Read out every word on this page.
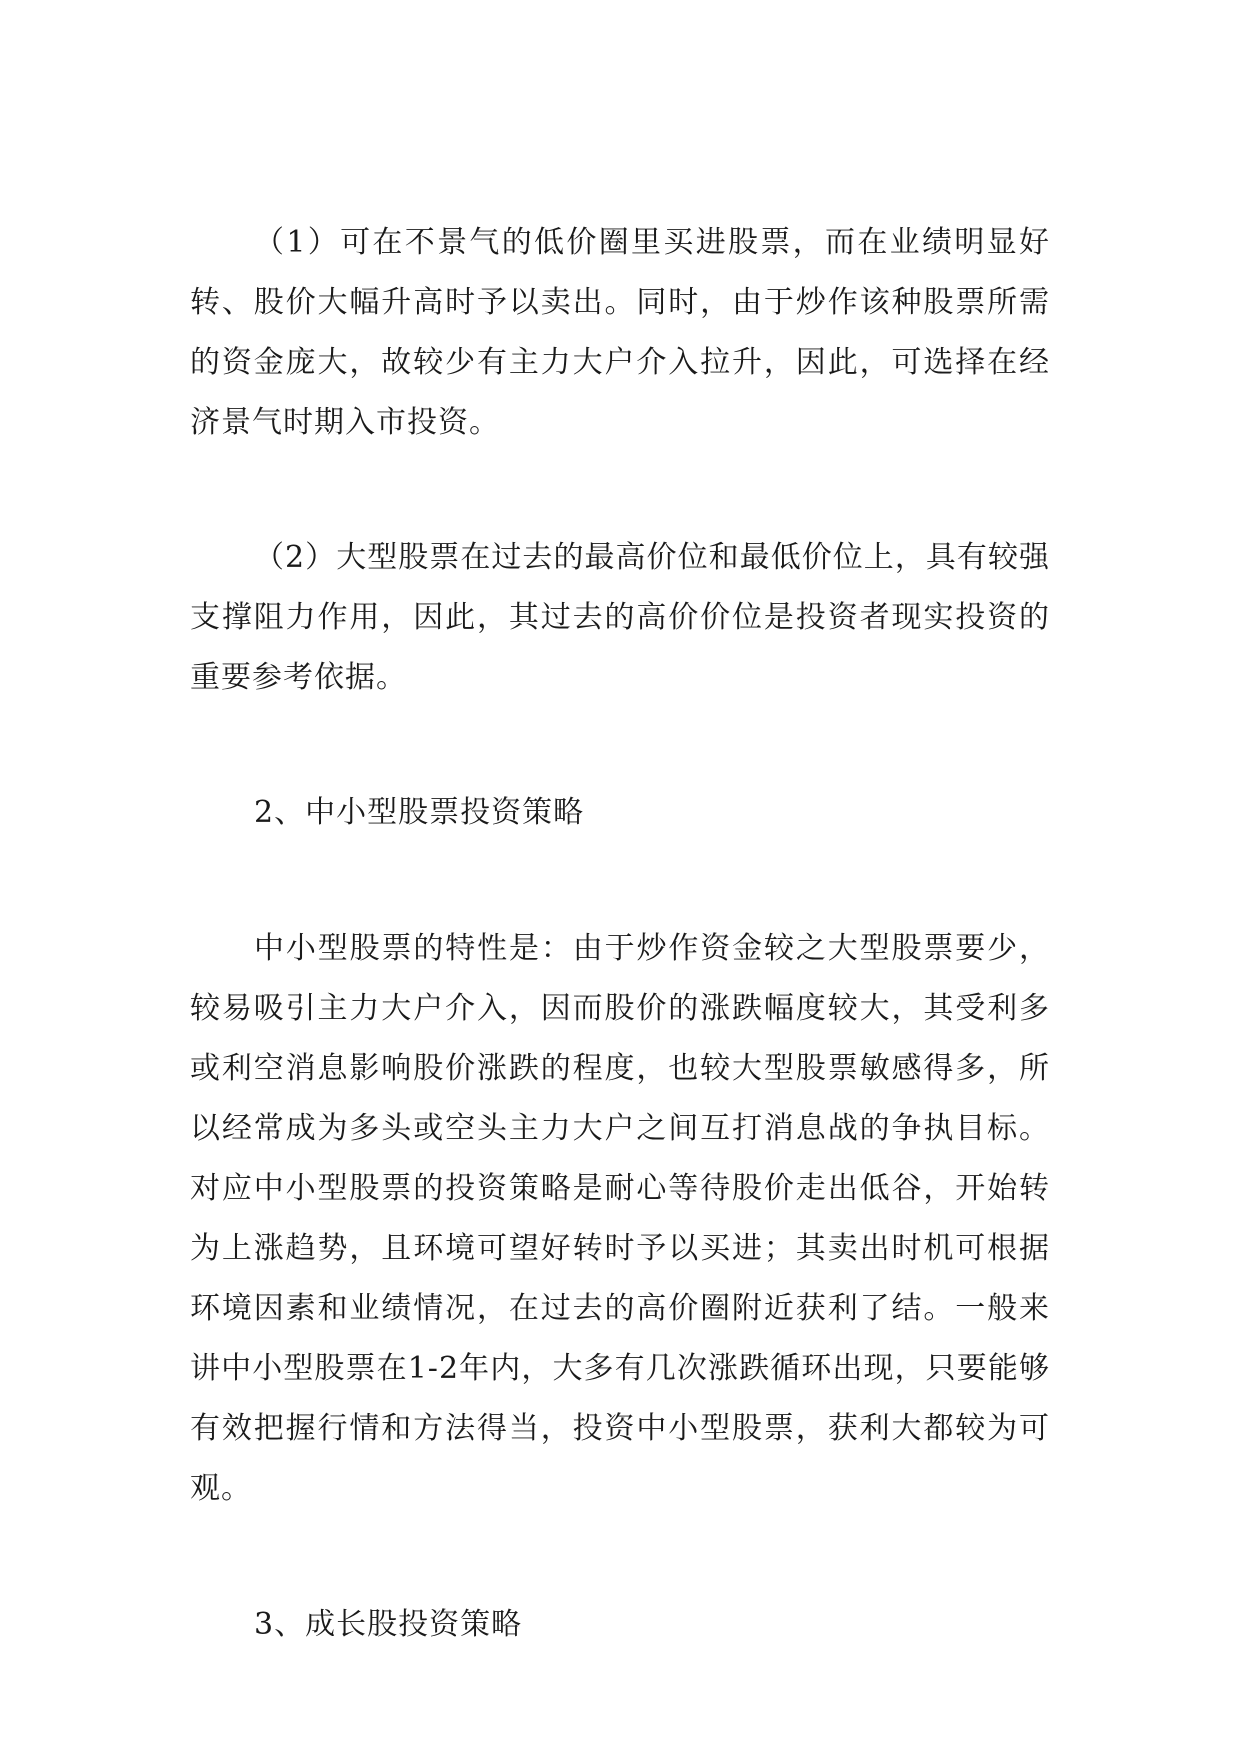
（1）可在不景气的低价圈里买进股票，而在业绩明显好转、股价大幅升高时予以卖出。同时，由于炒作该种股票所需的资金庞大，故较少有主力大户介入拉升，因此，可选择在经济景气时期入市投资。

（2）大型股票在过去的最高价位和最低价位上，具有较强支撑阻力作用，因此，其过去的高价价位是投资者现实投资的重要参考依据。

2、中小型股票投资策略

中小型股票的特性是：由于炒作资金较之大型股票要少，较易吸引主力大户介入，因而股价的涨跌幅度较大，其受利多或利空消息影响股价涨跌的程度，也较大型股票敏感得多，所以经常成为多头或空头主力大户之间互打消息战的争执目标。对应中小型股票的投资策略是耐心等待股价走出低谷，开始转为上涨趋势，且环境可望好转时予以买进；其卖出时机可根据环境因素和业绩情况，在过去的高价圈附近获利了结。一般来讲中小型股票在1-2年内，大多有几次涨跌循环出现，只要能够有效把握行情和方法得当，投资中小型股票，获利大都较为可观。

3、成长股投资策略
